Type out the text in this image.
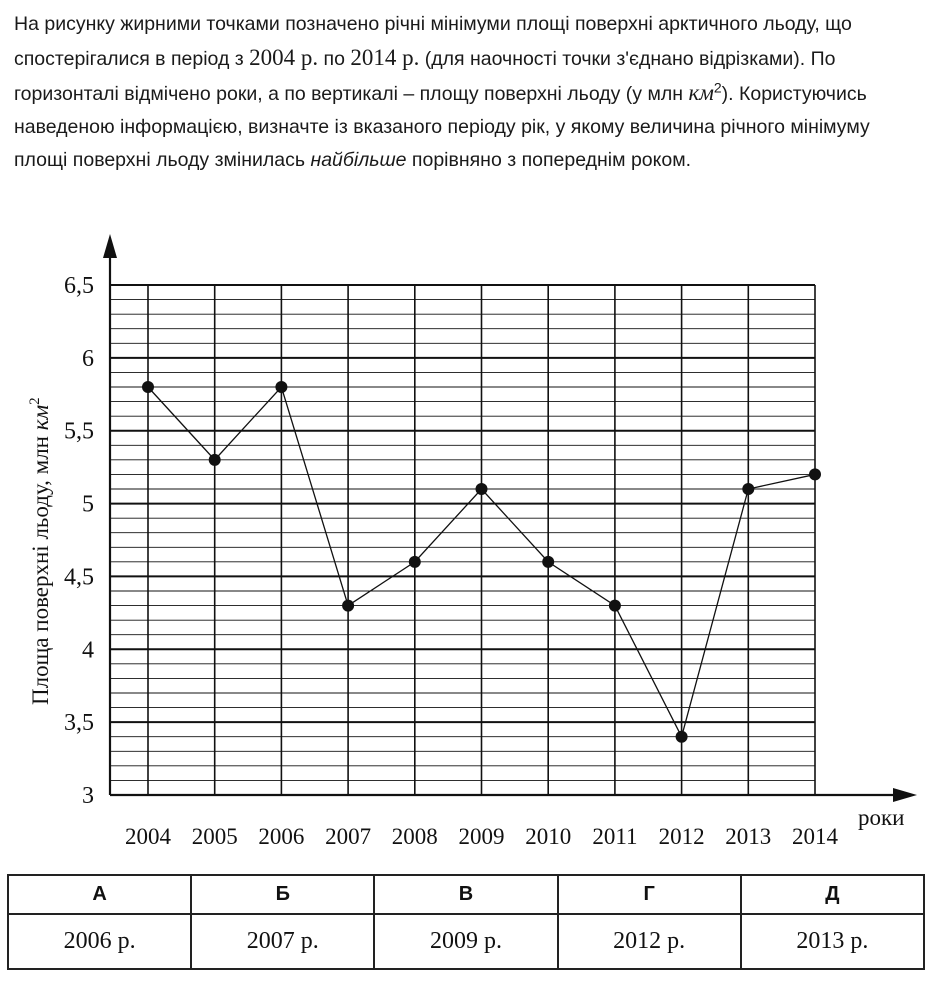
На рисунку жирними точками позначено річні мінімуми площі поверхні арктичного льоду, що спостерігалися в період з 2004 р. по 2014 р. (для наочності точки з'єднано відрізками). По горизонталі відмічено роки, а по вертикалі – площу поверхні льоду (у млн $км^2$). Користуючись наведеною інформацією, визначте із вказаного періоду рік, у якому величина річного мінімуму площі поверхні льоду змінилась найбільше порівняно з попереднім роком.

3
3,5
4
4,5
5
5,5
6
6,5
2004 2005 2006 2007 2008 2009 2010 2011 2012 2013 2014
Площа поверхні льоду, млн $км^2$
роки
А	Б	В	Г	Д
2006 р.	2007 р.	2009 р.	2012 р.	2013 р.
